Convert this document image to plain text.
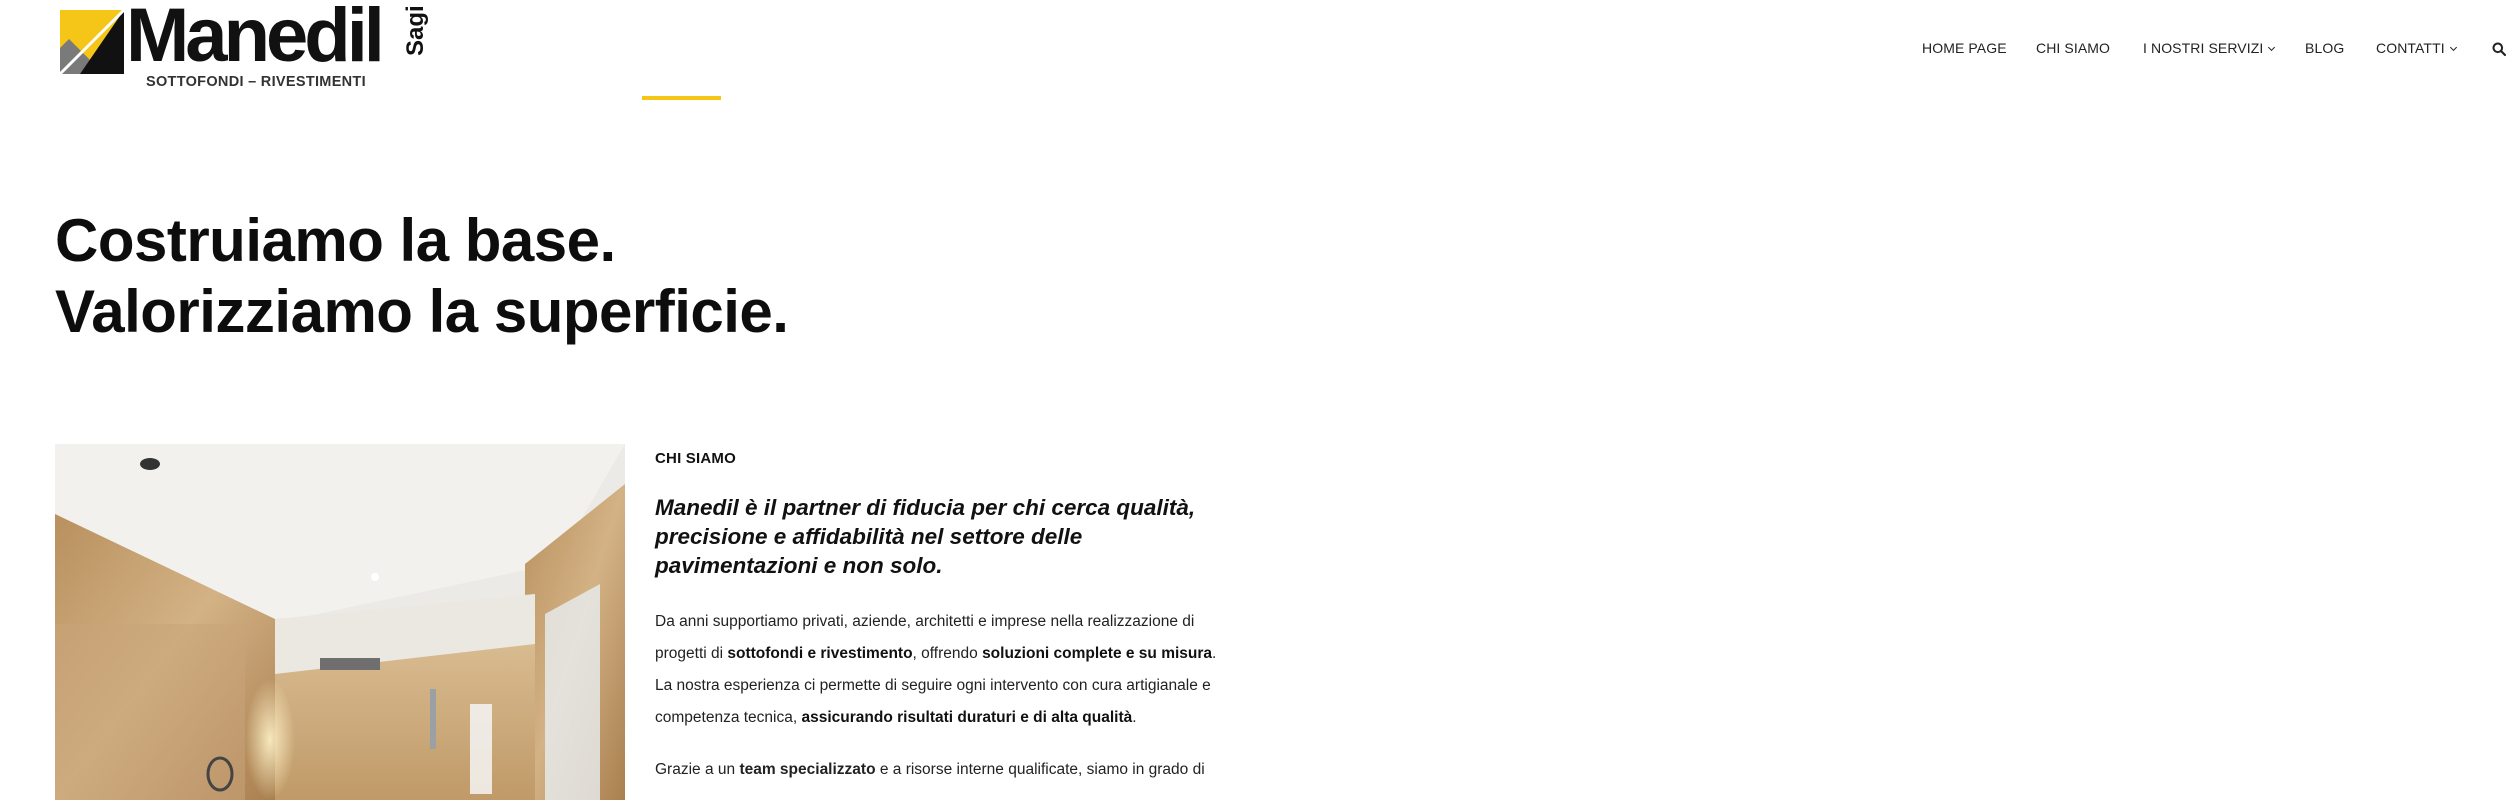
Manedil Sagi
SOTTOFONDI – RIVESTIMENTI
HOME PAGE CHI SIAMO I NOSTRI SERVIZI	BLOG CONTATTI
Costruiamo la base.
Valorizziamo la superficie.
CHI SIAMO

Manedil è il partner di fiducia per chi cerca qualità, precisione e affidabilità nel settore delle pavimentazioni e non solo.

Da anni supportiamo privati, aziende, architetti e imprese nella realizzazione di progetti di sottofondi e rivestimento, offrendo soluzioni complete e su misura. La nostra esperienza ci permette di seguire ogni intervento con cura artigianale e competenza tecnica, assicurando risultati duraturi e di alta qualità.

Grazie a un team specializzato e a risorse interne qualificate, siamo in grado di
